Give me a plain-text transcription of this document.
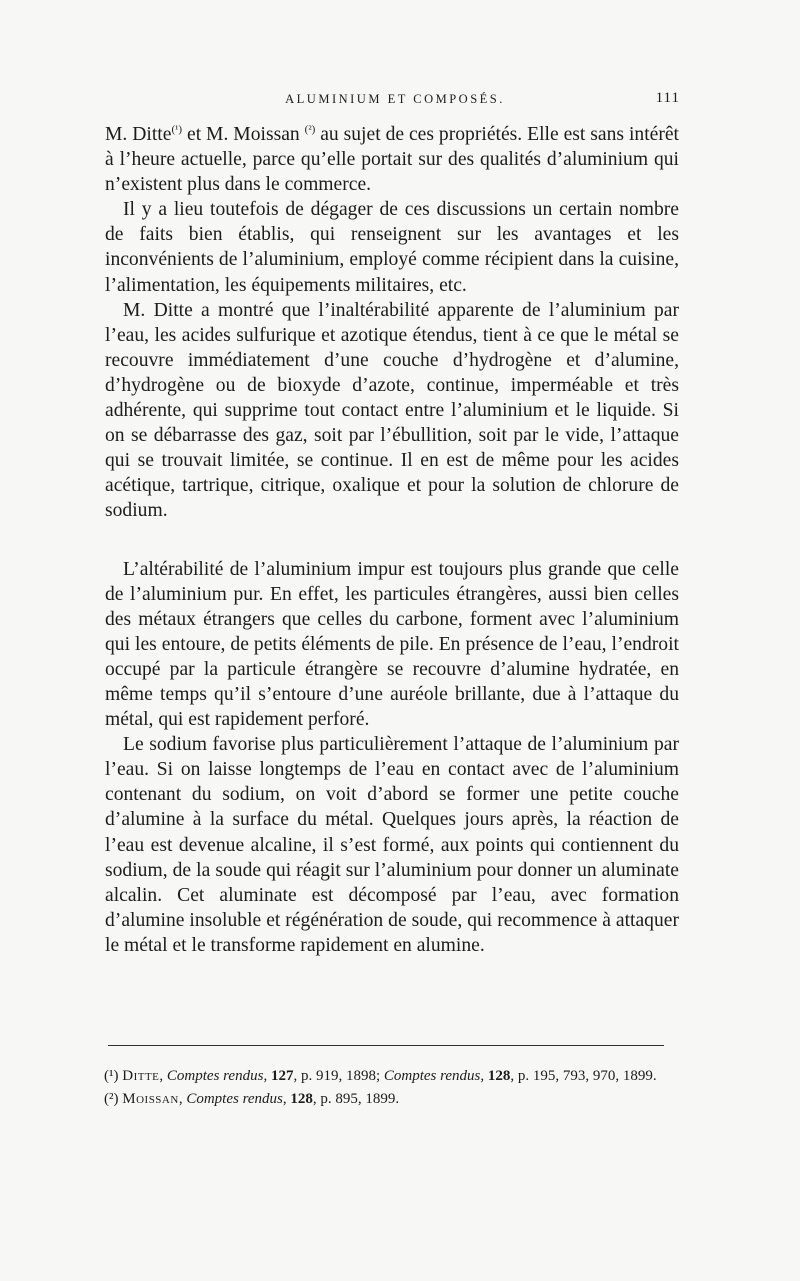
ALUMINIUM ET COMPOSÉS.	111

M. Ditte$^{(^1)}$ et M. Moissan $^{(^2)}$ au sujet de ces propriétés. Elle est sans intérêt à l’heure actuelle, parce qu’elle portait sur des qualités d’aluminium qui n’existent plus dans le commerce.

Il y a lieu toutefois de dégager de ces discussions un certain nombre de faits bien établis, qui renseignent sur les avantages et les inconvénients de l’aluminium, employé comme récipient dans la cuisine, l’alimentation, les équipements militaires, etc.

M. Ditte a montré que l’inaltérabilité apparente de l’aluminium par l’eau, les acides sulfurique et azotique étendus, tient à ce que le métal se recouvre immédiatement d’une couche d’hydrogène et d’alumine, d’hydrogène ou de bioxyde d’azote, continue, imperméable et très adhérente, qui supprime tout contact entre l’aluminium et le liquide. Si on se débarrasse des gaz, soit par l’ébullition, soit par le vide, l’attaque qui se trouvait limitée, se continue. Il en est de même pour les acides acétique, tartrique, citrique, oxalique et pour la solution de chlorure de sodium.

L’altérabilité de l’aluminium impur est toujours plus grande que celle de l’aluminium pur. En effet, les particules étrangères, aussi bien celles des métaux étrangers que celles du carbone, forment avec l’aluminium qui les entoure, de petits éléments de pile. En présence de l’eau, l’endroit occupé par la particule étrangère se recouvre d’alumine hydratée, en même temps qu’il s’entoure d’une auréole brillante, due à l’attaque du métal, qui est rapidement perforé.

Le sodium favorise plus particulièrement l’attaque de l’aluminium par l’eau. Si on laisse longtemps de l’eau en contact avec de l’aluminium contenant du sodium, on voit d’abord se former une petite couche d’alumine à la surface du métal. Quelques jours après, la réaction de l’eau est devenue alcaline, il s’est formé, aux points qui contiennent du sodium, de la soude qui réagit sur l’aluminium pour donner un aluminate alcalin. Cet aluminate est décomposé par l’eau, avec formation d’alumine insoluble et régénération de soude, qui recommence à attaquer le métal et le transforme rapidement en alumine.

(¹) Ditte, Comptes rendus, 127, p. 919, 1898; Comptes rendus, 128, p. 195, 793, 970, 1899.

(²) Moissan, Comptes rendus, 128, p. 895, 1899.
